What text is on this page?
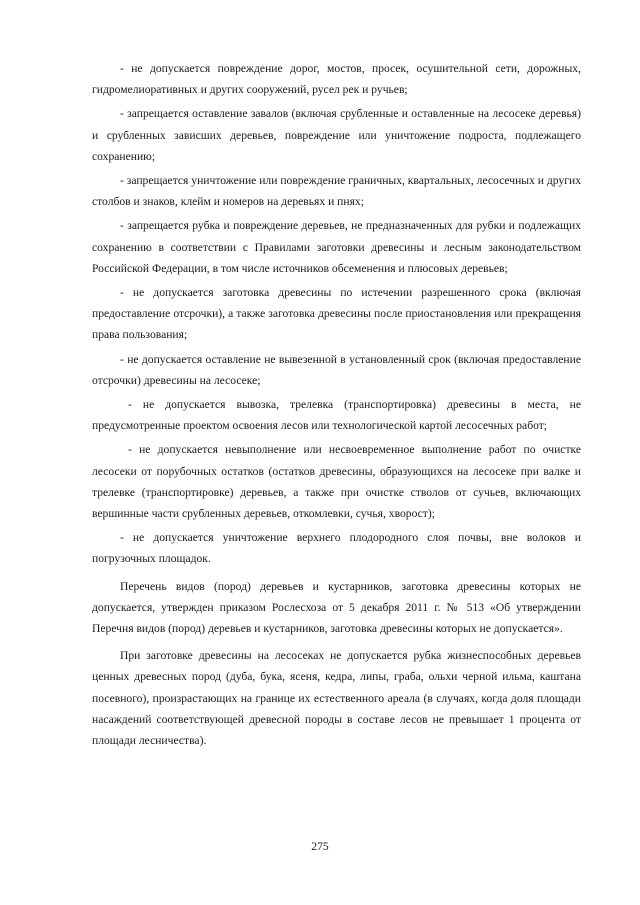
- не допускается повреждение дорог, мостов, просек, осушительной сети, дорожных, гидромелиоративных и других сооружений, русел рек и ручьев;

- запрещается оставление завалов (включая срубленные и оставленные на лесосеке деревья) и срубленных зависших деревьев, повреждение или уничтожение подроста, подлежащего сохранению;

- запрещается уничтожение или повреждение граничных, квартальных, лесосечных и других столбов и знаков, клейм и номеров на деревьях и пнях;

- запрещается рубка и повреждение деревьев, не предназначенных для рубки и подлежащих сохранению в соответствии с Правилами заготовки древесины и лесным законодательством Российской Федерации, в том числе источников обсеменения и плюсовых деревьев;

- не допускается заготовка древесины по истечении разрешенного срока (включая предоставление отсрочки), а также заготовка древесины после приостановления или прекращения права пользования;

- не допускается оставление не вывезенной в установленный срок (включая предоставление отсрочки) древесины на лесосеке;

- не допускается вывозка, трелевка (транспортировка) древесины в места, не предусмотренные проектом освоения лесов или технологической картой лесосечных работ;

- не допускается невыполнение или несвоевременное выполнение работ по очистке лесосеки от порубочных остатков (остатков древесины, образующихся на лесосеке при валке и трелевке (транспортировке) деревьев, а также при очистке стволов от сучьев, включающих вершинные части срубленных деревьев, откомлевки, сучья, хворост);

- не допускается уничтожение верхнего плодородного слоя почвы, вне волоков и погрузочных площадок.

Перечень видов (пород) деревьев и кустарников, заготовка древесины которых не допускается, утвержден приказом Рослесхоза от 5 декабря 2011 г. № 513 «Об утверждении Перечня видов (пород) деревьев и кустарников, заготовка древесины которых не допускается».

При заготовке древесины на лесосеках не допускается рубка жизнеспособных деревьев ценных древесных пород (дуба, бука, ясеня, кедра, липы, граба, ольхи черной ильма, каштана посевного), произрастающих на границе их естественного ареала (в случаях, когда доля площади насаждений соответствующей древесной породы в составе лесов не превышает 1 процента от площади лесничества).

275
